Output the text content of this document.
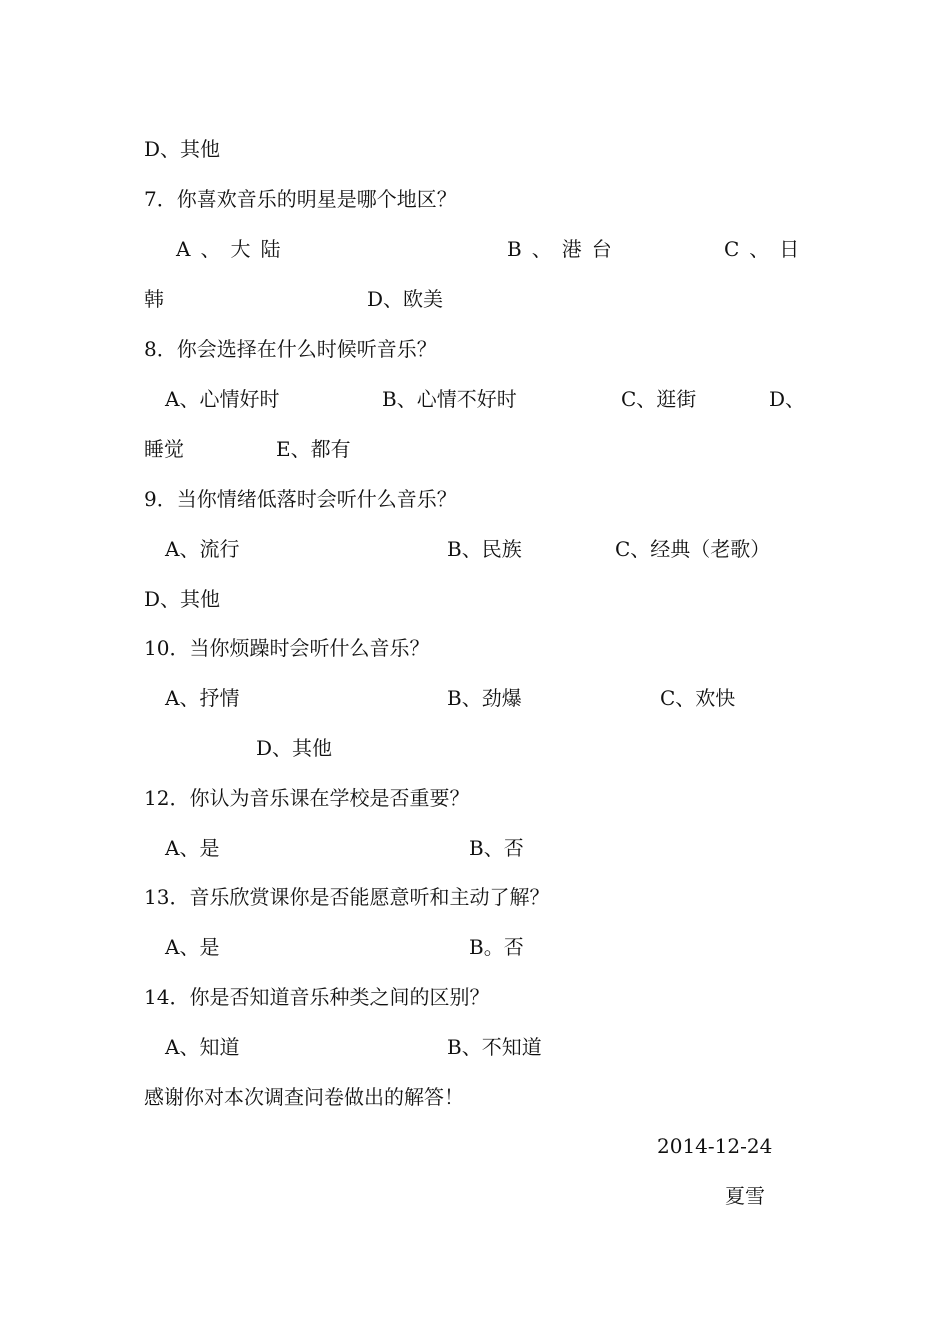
D、其他
7．你喜欢音乐的明星是哪个地区？
A、大陆	B、港台	C、日
韩	D、欧美
8．你会选择在什么时候听音乐？
A、心情好时	B、心情不好时	C、逛街	D、
睡觉	E、都有
9．当你情绪低落时会听什么音乐？
A、流行	B、民族	C、经典（老歌）
D、其他
10．当你烦躁时会听什么音乐？
A、抒情	B、劲爆	C、欢快
D、其他
12．你认为音乐课在学校是否重要？
A、是	B、否
13．音乐欣赏课你是否能愿意听和主动了解？
A、是	B。否
14．你是否知道音乐种类之间的区别？
A、知道	B、不知道
感谢你对本次调查问卷做出的解答！
2014-12-24
夏雪
